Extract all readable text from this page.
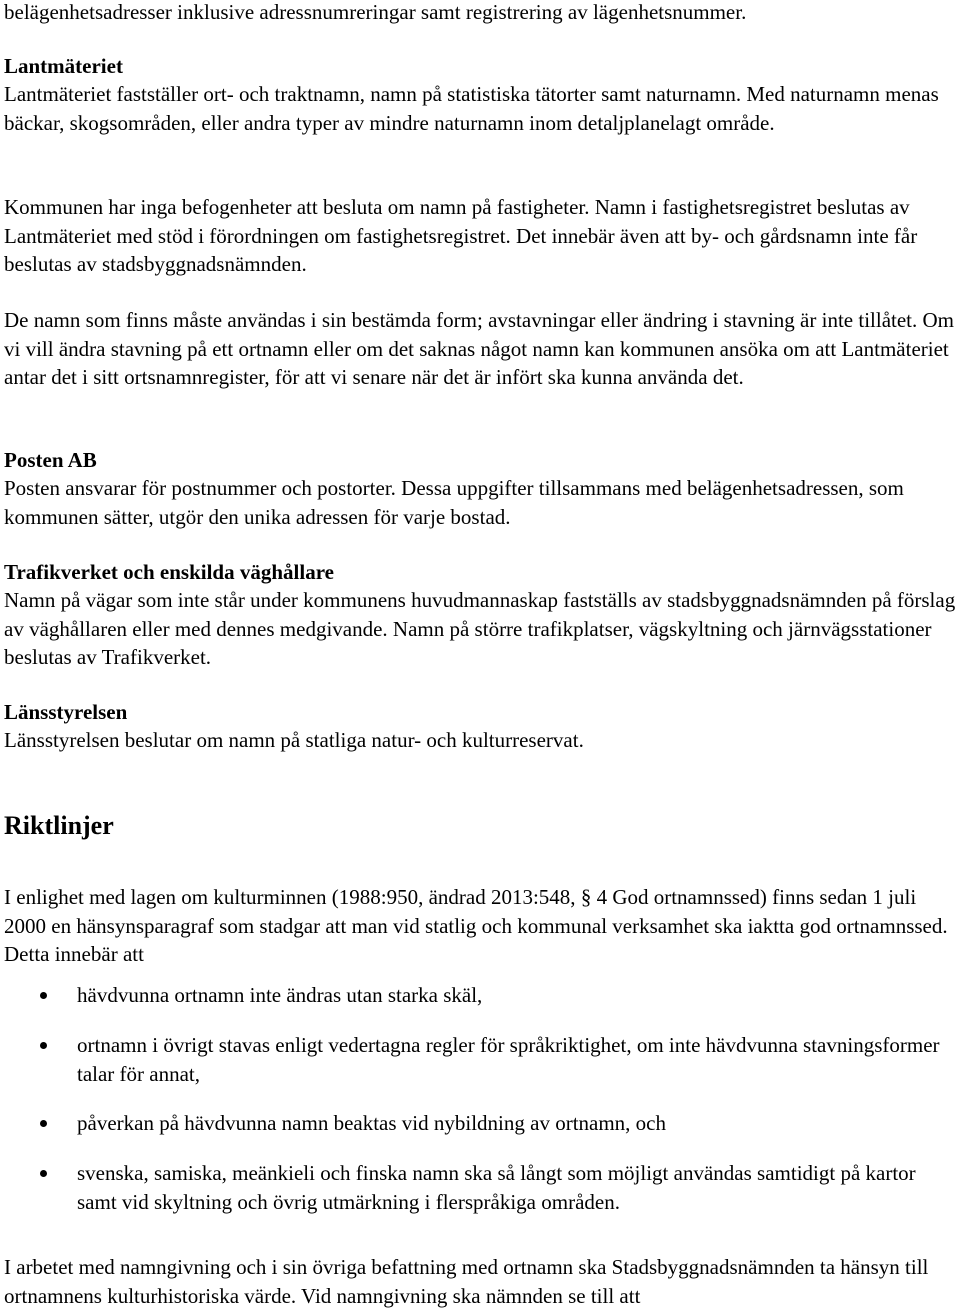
belägenhetsadresser inklusive adressnumreringar samt registrering av lägenhetsnummer.

Lantmäteriet

Lantmäteriet fastställer ort- och traktnamn, namn på statistiska tätorter samt naturnamn. Med naturnamn menas bäckar, skogsområden, eller andra typer av mindre naturnamn inom detaljplanelagt område.

Kommunen har inga befogenheter att besluta om namn på fastigheter. Namn i fastighetsregistret beslutas av Lantmäteriet med stöd i förordningen om fastighetsregistret. Det innebär även att by- och gårdsnamn inte får beslutas av stadsbyggnadsnämnden.

De namn som finns måste användas i sin bestämda form; avstavningar eller ändring i stavning är inte tillåtet. Om vi vill ändra stavning på ett ortnamn eller om det saknas något namn kan kommunen ansöka om att Lantmäteriet antar det i sitt ortsnamnregister, för att vi senare när det är infört ska kunna använda det.

Posten AB

Posten ansvarar för postnummer och postorter. Dessa uppgifter tillsammans med belägenhetsadressen, som kommunen sätter, utgör den unika adressen för varje bostad.

Trafikverket och enskilda väghållare

Namn på vägar som inte står under kommunens huvudmannaskap fastställs av stadsbyggnadsnämnden på förslag av väghållaren eller med dennes medgivande. Namn på större trafikplatser, vägskyltning och järnvägsstationer beslutas av Trafikverket.

Länsstyrelsen

Länsstyrelsen beslutar om namn på statliga natur- och kulturreservat.

Riktlinjer

I enlighet med lagen om kulturminnen (1988:950, ändrad 2013:548, § 4 God ortnamnssed) finns sedan 1 juli 2000 en hänsynsparagraf som stadgar att man vid statlig och kommunal verksamhet ska iaktta god ortnamnssed. Detta innebär att

hävdvunna ortnamn inte ändras utan starka skäl,
ortnamn i övrigt stavas enligt vedertagna regler för språkriktighet, om inte hävdvunna stavningsformer talar för annat,
påverkan på hävdvunna namn beaktas vid nybildning av ortnamn, och
svenska, samiska, meänkieli och finska namn ska så långt som möjligt användas samtidigt på kartor samt vid skyltning och övrig utmärkning i flerspråkiga områden.

I arbetet med namngivning och i sin övriga befattning med ortnamn ska Stadsbyggnadsnämnden ta hänsyn till ortnamnens kulturhistoriska värde. Vid namngivning ska nämnden se till att
